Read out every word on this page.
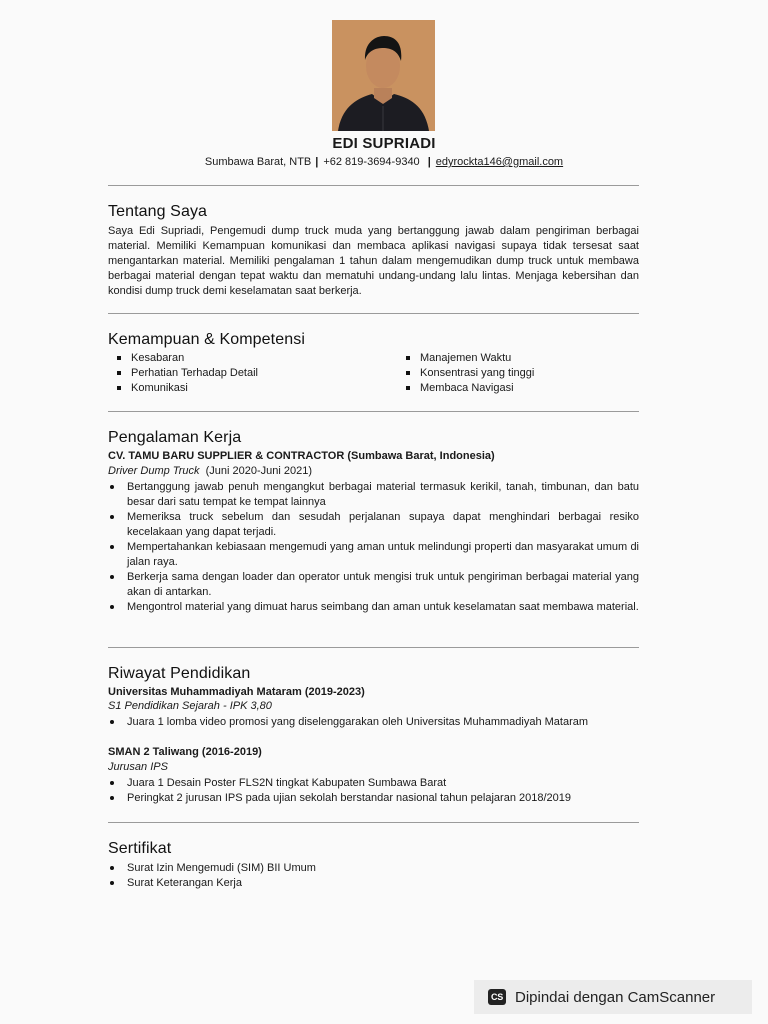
EDI SUPRIADI
Sumbawa Barat, NTB | +62 819-3694-9340 | edyrockta146@gmail.com
Tentang Saya
Saya Edi Supriadi, Pengemudi dump truck muda yang bertanggung jawab dalam pengiriman berbagai material. Memiliki Kemampuan komunikasi dan membaca aplikasi navigasi supaya tidak tersesat saat mengantarkan material. Memiliki pengalaman 1 tahun dalam mengemudikan dump truck untuk membawa berbagai material dengan tepat waktu dan mematuhi undang-undang lalu lintas. Menjaga kebersihan dan kondisi dump truck demi keselamatan saat berkerja.
Kemampuan & Kompetensi
Kesabaran
Perhatian Terhadap Detail
Komunikasi
Manajemen Waktu
Konsentrasi yang tinggi
Membaca Navigasi
Pengalaman Kerja
CV. TAMU BARU SUPPLIER & CONTRACTOR (Sumbawa Barat, Indonesia)
Driver Dump Truck (Juni 2020-Juni 2021)
Bertanggung jawab penuh mengangkut berbagai material termasuk kerikil, tanah, timbunan, dan batu besar dari satu tempat ke tempat lainnya
Memeriksa truck sebelum dan sesudah perjalanan supaya dapat menghindari berbagai resiko kecelakaan yang dapat terjadi.
Mempertahankan kebiasaan mengemudi yang aman untuk melindungi properti dan masyarakat umum di jalan raya.
Berkerja sama dengan loader dan operator untuk mengisi truk untuk pengiriman berbagai material yang akan di antarkan.
Mengontrol material yang dimuat harus seimbang dan aman untuk keselamatan saat membawa material.
Riwayat Pendidikan
Universitas Muhammadiyah Mataram (2019-2023)
S1 Pendidikan Sejarah - IPK 3,80
Juara 1 lomba video promosi yang diselenggarakan oleh Universitas Muhammadiyah Mataram
SMAN 2 Taliwang (2016-2019)
Jurusan IPS
Juara 1 Desain Poster FLS2N tingkat Kabupaten Sumbawa Barat
Peringkat 2 jurusan IPS pada ujian sekolah berstandar nasional tahun pelajaran 2018/2019
Sertifikat
Surat Izin Mengemudi (SIM) BII Umum
Surat Keterangan Kerja
CS Dipindai dengan CamScanner
